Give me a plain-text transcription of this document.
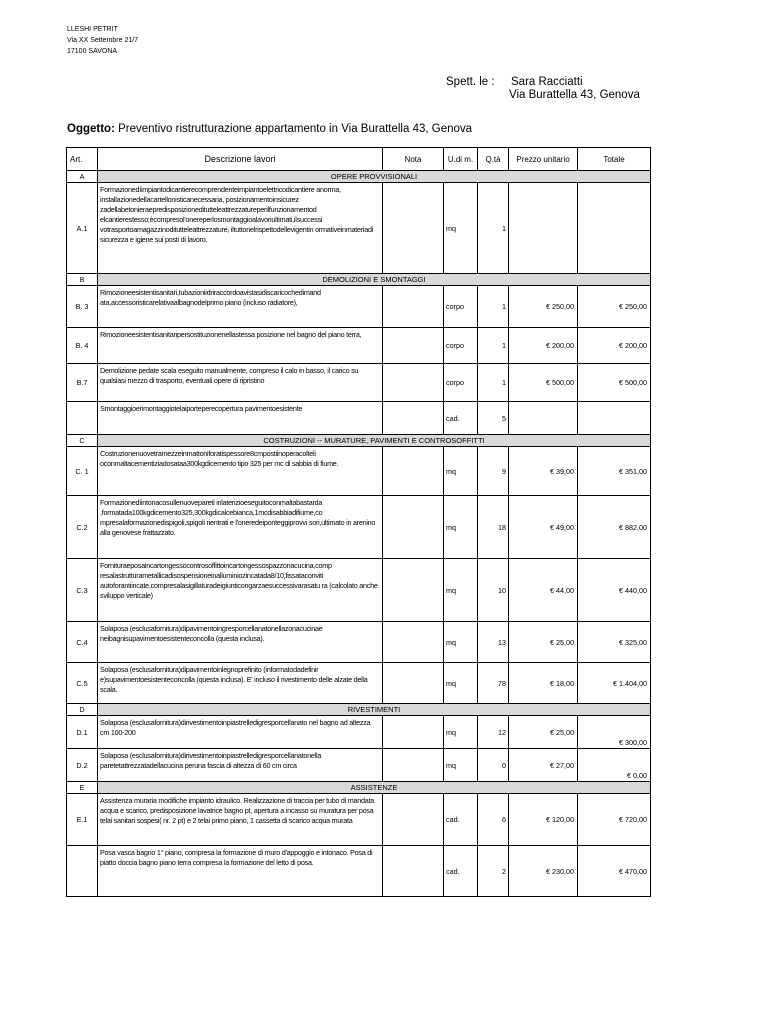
LLESHI PETRIT
Via XX Settembre 21/7
17100 SAVONA
Spett. le : Sara Racciatti
Via Burattella 43, Genova
Oggetto: Preventivo ristrutturazione appartamento in Via Burattella 43, Genova
Art.	Descrizione lavori	Nota	U.di m.	Q.tà	Prezzo unitario	Totale
A	OPERE PROVVISIONALI					
A.1	Formazionedíimpiantodicantierecomprendenteimpiantoelettricodicantiere anorma, installazionedellacartellonisticanecessaria, posizionamentoinsicurez zadellabetonieraepredisposizioneditutteleattrezzatureperilfunzionamentod elcantierestesso;ècompresol'onereperlosmontaggioalavoriultimati,ilsuccessi votrasportoamagazzinoditutteleattrezzature, iltuttonelrispettodellevigentin ormativeinmateriadi sicurezza e igiene sui posti di lavoro.		mq	1		
B	DEMOLIZIONI E SMONTAGGI					
B. 3	Rimozioneesistentisanitari,tubazioniidriraccordoavistasidiscaricochedimand ata,accessoristicarelativaalbagnodelprimo piano (incluso radiatore),		corpo	1	€ 250,00	€ 250,00
B. 4	Rimozioneesistentisanitaripersostituzionenellastessa posizione nel bagno del piano terra,		corpo	1	€ 200,00	€ 200,00
B.7	Demolizione pedate scala eseguito manualmente, compreso il calo in basso, il carico su qualsiasi mezzo di trasporto, eventuali opere di ripristino		corpo	1	€ 500,00	€ 500,00
	Smontaggioerimontaggiotelaiporteperecopertura pavimentoesistente		cad.	5		
C	COSTRUZIONI -- MURATURE, PAVIMENTI E CONTROSOFFITTI					
C. 1	Costruzionenuovetramezzeinmattoniforatispessore8cmpostiinoperacolteli oconmaltacementiziadosataa300kgdicemento tipo 325 per mc di sabbia di fiume.		mq	9	€ 39,00	€ 351,00
C.2	Formazionedíintonacosullenuovepareti inlaterizioeseguitoconmaltabastarda ,formatada100kgdicemento325,300kgdicalcebianca,1mcdisabbiadifiume,co mpresalaformazionedispigoli,spigoli rientrati e l'oneredeiponteggiprovvi sori,ultimato in arenino alla genovese frattazzato.		mq	18	€ 49,00	€ 882,00
C.3	Fornituraeposaincartongessocontrosoffittoincartongessospazzonacucina,comp resalastrutturametallicadisospensioneinalluminiozincatada8/10,fissataconviti autoforantiincate,compresalasigillaturadeigiunticongarzaesuccessivarasatu ra (calcolato anche sviluppo verticale)		mq	10	€ 44,00	€ 440,00
C.4	Solaposa (esclusafornitura)dipavimentoingresporcellanatonellazonacucinae neibagnisupavimentoesistenteconcolla (questa inclusa).		mq	13	€ 25,00	€ 325,00
C.5	Solaposa (esclusafornitura)dipavimentoinlegnoprefinito (informatodadefinir e)supavimentoesistenteconcolla (questa inclusa). E' incluso il rivestimento delle alzate della scala.		mq	78	€ 18,00	€ 1.404,00
D	RIVESTIMENTI					
D.1	Solaposa (esclusafornitura)dirivestimentoinpiastrelledigresporcellanato nel bagno ad altezza cm 100-200		mq	12	€ 25,00	€ 300,00
D.2	Solaposa (esclusafornitura)dirivestimentoinpiastrelledigresporcellanatonella paretetattrezzatadellacucina peruna fascia di altezza di 60 cm circa		mq	0	€ 27,00	€ 0,00
E	ASSISTENZE					
E.1	Assistenza muraria modifiche impianto idraulico. Realizzazione di traccia per tubo di mandata acqua e scarico, predisposizione lavatrice bagno pt, apertura a incasso su muratura per posa telai sanitari sospesi( nr. 2 pt) e 2 telai primo piano, 1 cassetta di scarico acqua murata		cad.	6	€ 120,00	€ 720,00
	Posa vasca bagno 1° piano, compresa la formazione di muro d'appoggio e intonaco. Posa di piatto doccia bagno piano terra compresa la formazione del letto di posa.		cad.	2	€ 230,00	€ 470,00
